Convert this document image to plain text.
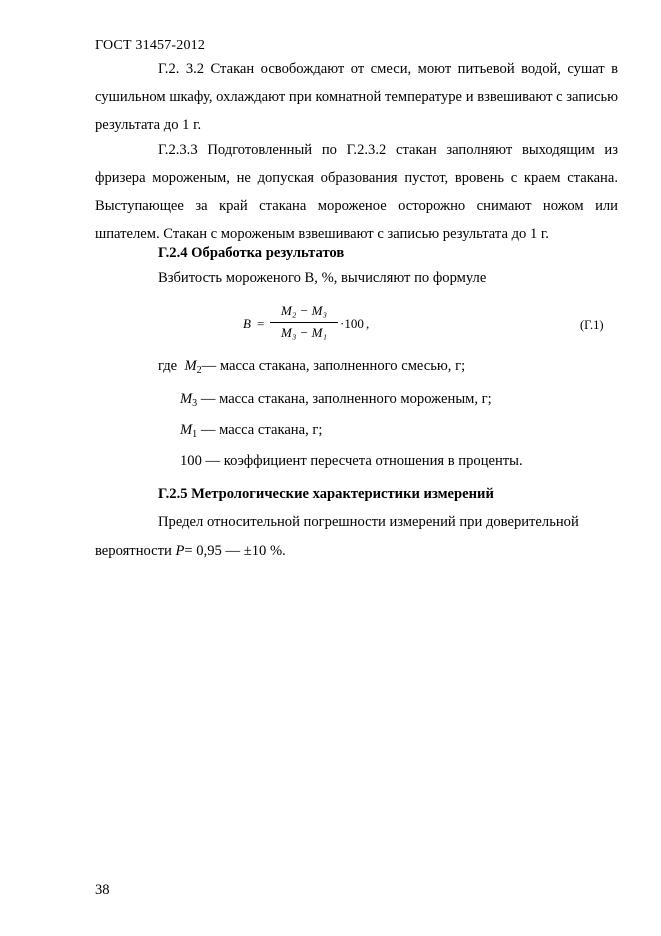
ГОСТ 31457-2012

Г.2. 3.2 Стакан освобождают от смеси, моют питьевой водой, сушат в сушильном шкафу, охлаждают при комнатной температуре и взвешивают с записью результата до 1 г.

Г.2.3.3 Подготовленный по Г.2.3.2 стакан заполняют выходящим из фризера мороженым, не допуская образования пустот, вровень с краем стакана. Выступающее за край стакана мороженое осторожно снимают ножом или шпателем. Стакан с мороженым взвешивают с записью результата до 1 г.

Г.2.4 Обработка результатов

Взбитость мороженого В, %, вычисляют по формуле

B =
M₂ − M₃
M₃ − M₁
·100 ,	(Г.1)

где $M_2—$ масса стакана, заполненного смесью, г;

$M_3$ — масса стакана, заполненного мороженым, г;

$M_1$ — масса стакана, г;

100 — коэффициент пересчета отношения в проценты.

Г.2.5 Метрологические характеристики измерений

Предел относительной погрешности измерений при доверительной

вероятности P= 0,95 — ±10 %.

38
